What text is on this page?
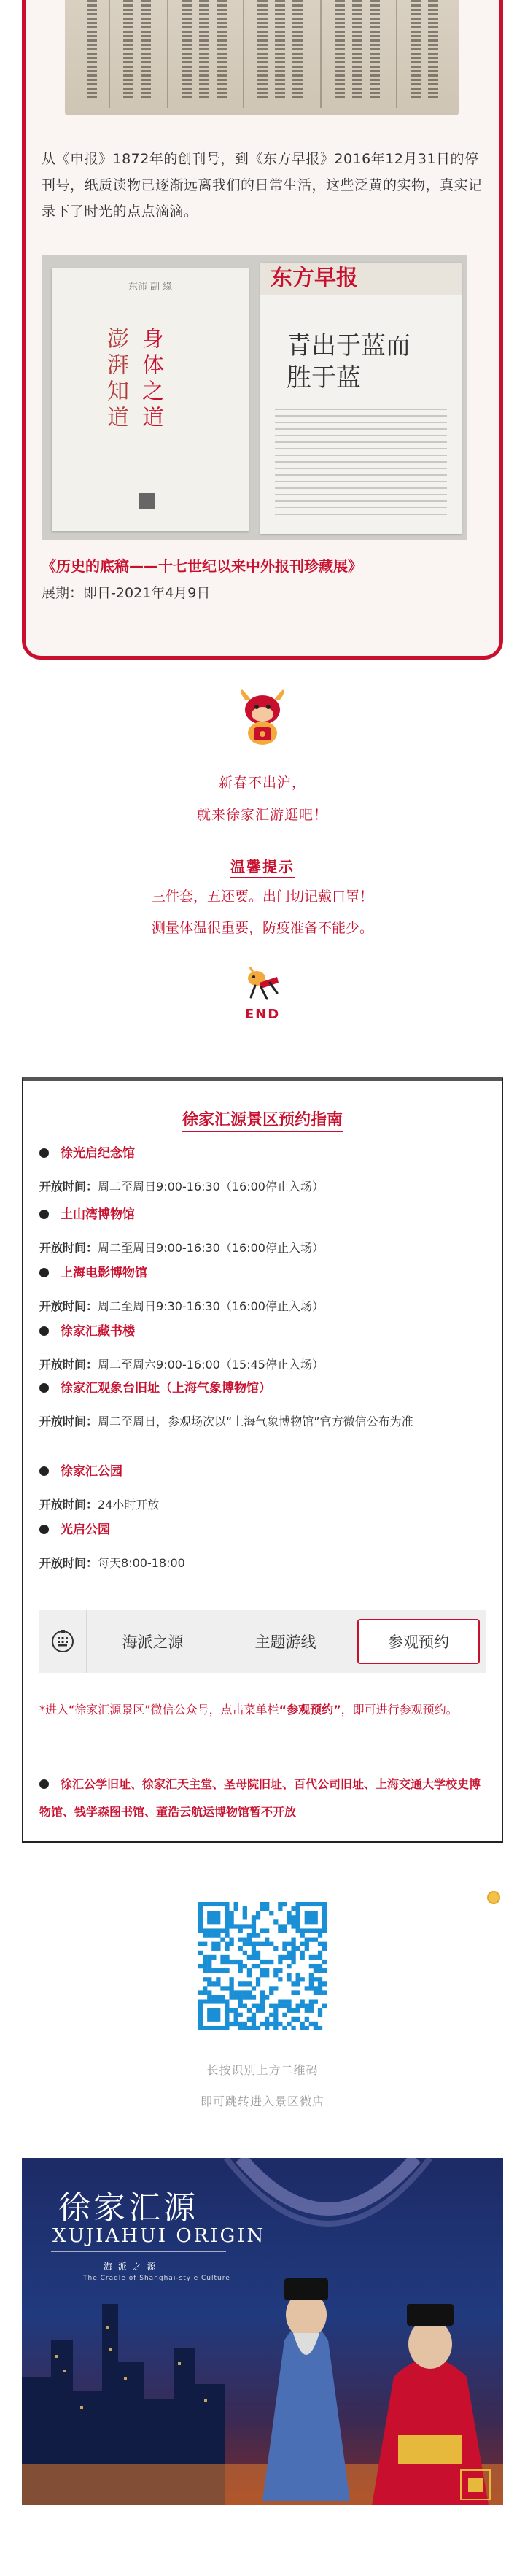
从《申报》1872年的创刊号，到《东方早报》2016年12月31日的停刊号，纸质读物已逐渐远离我们的日常生活，这些泛黄的实物，真实记录下了时光的点点滴滴。

东沛 副 缘
身体之道
澎湃知道
东方早报
青出于蓝而胜于蓝

《历史的底稿——十七世纪以来中外报刊珍藏展》

展期：即日-2021年4月9日
新春不出沪，
就来徐家汇游逛吧！
温馨提示
三件套，五还要。出门切记戴口罩！
测量体温很重要，防疫准备不能少。
END
徐家汇源景区预约指南
徐光启纪念馆
开放时间：周二至周日9:00-16:30（16:00停止入场）
土山湾博物馆
开放时间：周二至周日9:00-16:30（16:00停止入场）
上海电影博物馆
开放时间：周二至周日9:30-16:30（16:00停止入场）
徐家汇藏书楼
开放时间：周二至周六9:00-16:00（15:45停止入场）
徐家汇观象台旧址（上海气象博物馆）
开放时间：周二至周日，参观场次以“上海气象博物馆”官方微信公布为准
徐家汇公园
开放时间：24小时开放
光启公园
开放时间：每天8:00-18:00
海派之源	主题游线	参观预约

*进入“徐家汇源景区”微信公众号，点击菜单栏“参观预约”，即可进行参观预约。

徐汇公学旧址、徐家汇天主堂、圣母院旧址、百代公司旧址、上海交通大学校史博物馆、钱学森图书馆、董浩云航运博物馆暂不开放

长按识别上方二维码
即可跳转进入景区微店
徐家汇源
XUJIAHUI ORIGIN
海 派 之 源
The Cradle of Shanghai-style Culture
